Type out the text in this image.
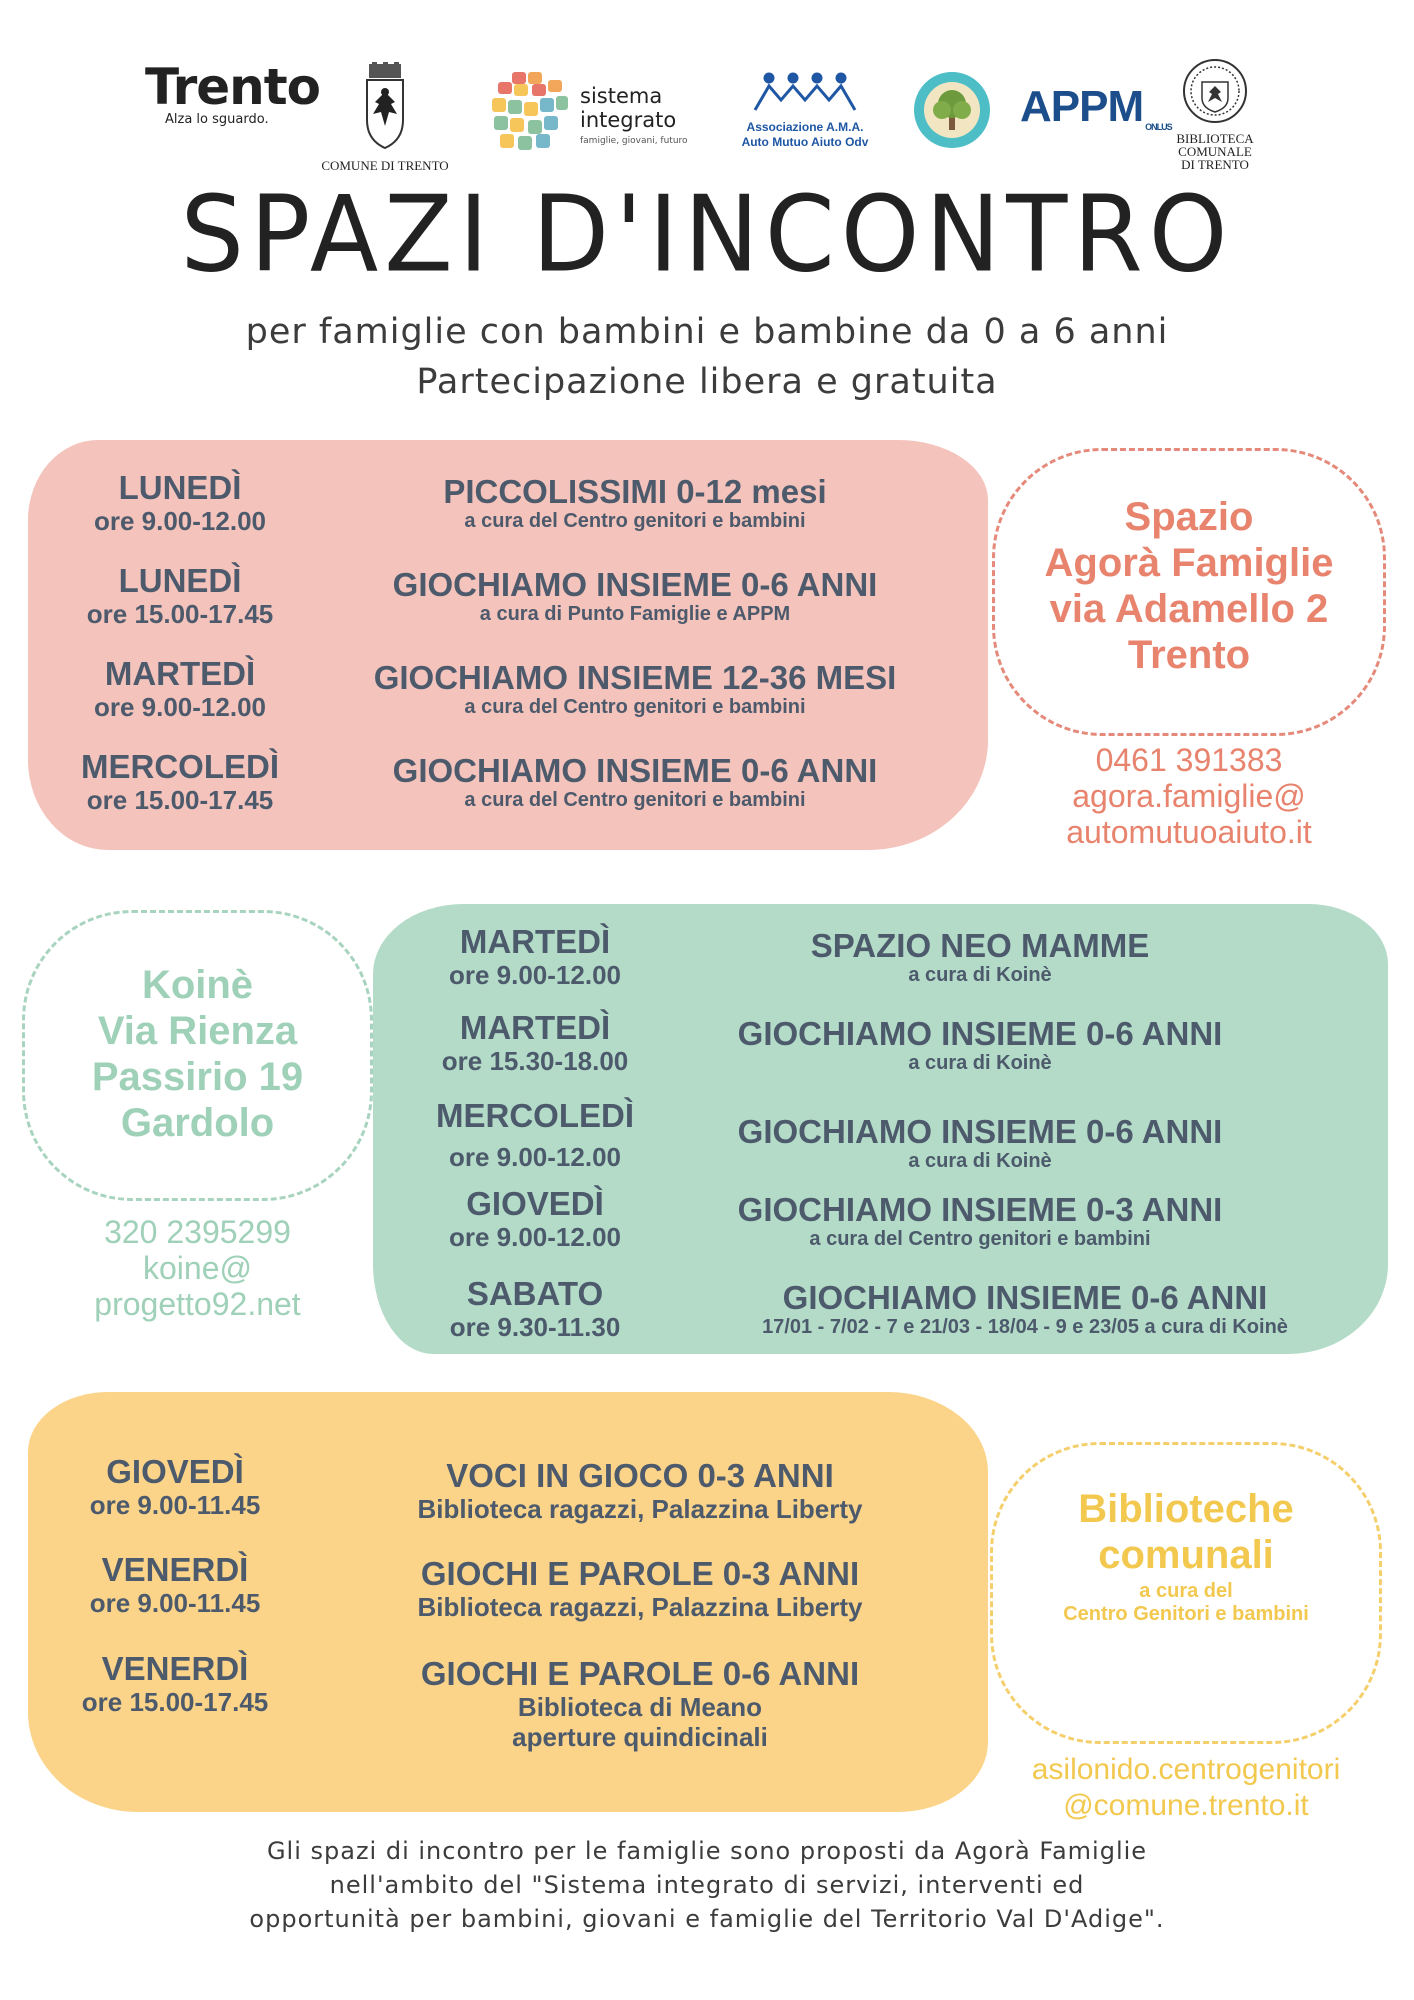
Trento
Alza lo sguardo.
COMUNE DI TRENTO
sistema
integrato
famiglie, giovani, futuro
Associazione A.M.A.
Auto Mutuo Aiuto Odv
APPM ONLUS
BIBLIOTECA
COMUNALE
DI TRENTO
SPAZI D'INCONTRO
per famiglie con bambini e bambine da 0 a 6 anni
Partecipazione libera e gratuita
LUNEDÌ
ore 9.00-12.00
PICCOLISSIMI 0-12 mesi
a cura del Centro genitori e bambini
LUNEDÌ
ore 15.00-17.45
GIOCHIAMO INSIEME 0-6 ANNI
a cura di Punto Famiglie e APPM
MARTEDÌ
ore 9.00-12.00
GIOCHIAMO INSIEME 12-36 MESI
a cura del Centro genitori e bambini
MERCOLEDÌ
ore 15.00-17.45
GIOCHIAMO INSIEME 0-6 ANNI
a cura del Centro genitori e bambini
Spazio
Agorà Famiglie
via Adamello 2
Trento
0461 391383
agora.famiglie@
automutuoaiuto.it
Koinè
Via Rienza
Passirio 19
Gardolo
320 2395299
koine@
progetto92.net
MARTEDÌ
ore 9.00-12.00
SPAZIO NEO MAMME
a cura di Koinè
MARTEDÌ
ore 15.30-18.00
GIOCHIAMO INSIEME 0-6 ANNI
a cura di Koinè
MERCOLEDÌ
ore 9.00-12.00
GIOCHIAMO INSIEME 0-6 ANNI
a cura di Koinè
GIOVEDÌ
ore 9.00-12.00
GIOCHIAMO INSIEME 0-3 ANNI
a cura del Centro genitori e bambini
SABATO
ore 9.30-11.30
GIOCHIAMO INSIEME 0-6 ANNI
17/01 - 7/02 - 7 e 21/03 - 18/04 - 9 e 23/05 a cura di Koinè
GIOVEDÌ
ore 9.00-11.45
VOCI IN GIOCO 0-3 ANNI
Biblioteca ragazzi, Palazzina Liberty
VENERDÌ
ore 9.00-11.45
GIOCHI E PAROLE 0-3 ANNI
Biblioteca ragazzi, Palazzina Liberty
VENERDÌ
ore 15.00-17.45
GIOCHI E PAROLE 0-6 ANNI
Biblioteca di Meano
aperture quindicinali
Biblioteche
comunali
a cura del
Centro Genitori e bambini
asilonido.centrogenitori
@comune.trento.it
Gli spazi di incontro per le famiglie sono proposti da Agorà Famiglie
nell'ambito del "Sistema integrato di servizi, interventi ed
opportunità per bambini, giovani e famiglie del Territorio Val D'Adige".
